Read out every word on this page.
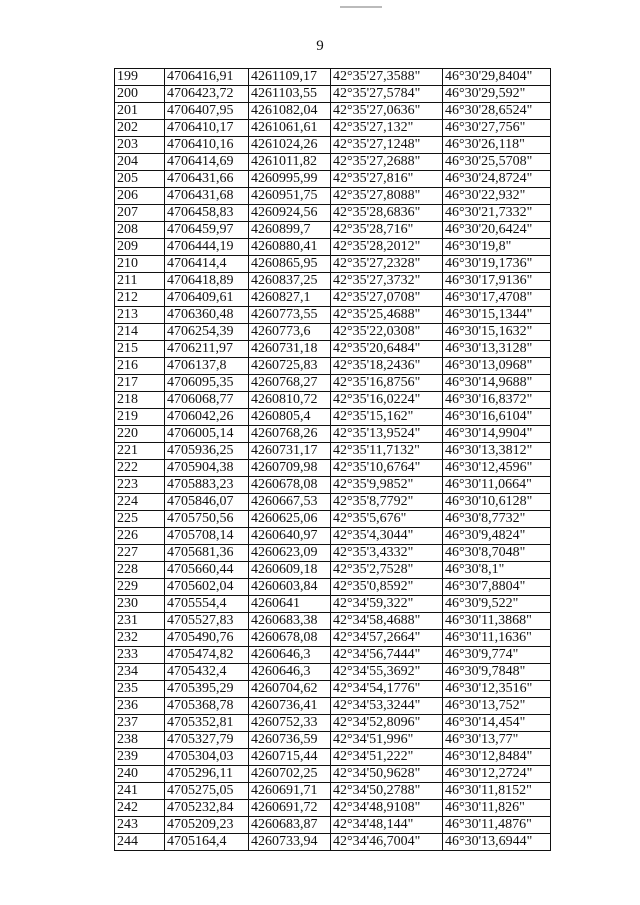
9
199	4706416,91	4261109,17	42°35'27,3588"	46°30'29,8404"
200	4706423,72	4261103,55	42°35'27,5784"	46°30'29,592"
201	4706407,95	4261082,04	42°35'27,0636"	46°30'28,6524"
202	4706410,17	4261061,61	42°35'27,132"	46°30'27,756"
203	4706410,16	4261024,26	42°35'27,1248"	46°30'26,118"
204	4706414,69	4261011,82	42°35'27,2688"	46°30'25,5708"
205	4706431,66	4260995,99	42°35'27,816"	46°30'24,8724"
206	4706431,68	4260951,75	42°35'27,8088"	46°30'22,932"
207	4706458,83	4260924,56	42°35'28,6836"	46°30'21,7332"
208	4706459,97	4260899,7	42°35'28,716"	46°30'20,6424"
209	4706444,19	4260880,41	42°35'28,2012"	46°30'19,8"
210	4706414,4	4260865,95	42°35'27,2328"	46°30'19,1736"
211	4706418,89	4260837,25	42°35'27,3732"	46°30'17,9136"
212	4706409,61	4260827,1	42°35'27,0708"	46°30'17,4708"
213	4706360,48	4260773,55	42°35'25,4688"	46°30'15,1344"
214	4706254,39	4260773,6	42°35'22,0308"	46°30'15,1632"
215	4706211,97	4260731,18	42°35'20,6484"	46°30'13,3128"
216	4706137,8	4260725,83	42°35'18,2436"	46°30'13,0968"
217	4706095,35	4260768,27	42°35'16,8756"	46°30'14,9688"
218	4706068,77	4260810,72	42°35'16,0224"	46°30'16,8372"
219	4706042,26	4260805,4	42°35'15,162"	46°30'16,6104"
220	4706005,14	4260768,26	42°35'13,9524"	46°30'14,9904"
221	4705936,25	4260731,17	42°35'11,7132"	46°30'13,3812"
222	4705904,38	4260709,98	42°35'10,6764"	46°30'12,4596"
223	4705883,23	4260678,08	42°35'9,9852"	46°30'11,0664"
224	4705846,07	4260667,53	42°35'8,7792"	46°30'10,6128"
225	4705750,56	4260625,06	42°35'5,676"	46°30'8,7732"
226	4705708,14	4260640,97	42°35'4,3044"	46°30'9,4824"
227	4705681,36	4260623,09	42°35'3,4332"	46°30'8,7048"
228	4705660,44	4260609,18	42°35'2,7528"	46°30'8,1"
229	4705602,04	4260603,84	42°35'0,8592"	46°30'7,8804"
230	4705554,4	4260641	42°34'59,322"	46°30'9,522"
231	4705527,83	4260683,38	42°34'58,4688"	46°30'11,3868"
232	4705490,76	4260678,08	42°34'57,2664"	46°30'11,1636"
233	4705474,82	4260646,3	42°34'56,7444"	46°30'9,774"
234	4705432,4	4260646,3	42°34'55,3692"	46°30'9,7848"
235	4705395,29	4260704,62	42°34'54,1776"	46°30'12,3516"
236	4705368,78	4260736,41	42°34'53,3244"	46°30'13,752"
237	4705352,81	4260752,33	42°34'52,8096"	46°30'14,454"
238	4705327,79	4260736,59	42°34'51,996"	46°30'13,77"
239	4705304,03	4260715,44	42°34'51,222"	46°30'12,8484"
240	4705296,11	4260702,25	42°34'50,9628"	46°30'12,2724"
241	4705275,05	4260691,71	42°34'50,2788"	46°30'11,8152"
242	4705232,84	4260691,72	42°34'48,9108"	46°30'11,826"
243	4705209,23	4260683,87	42°34'48,144"	46°30'11,4876"
244	4705164,4	4260733,94	42°34'46,7004"	46°30'13,6944"
